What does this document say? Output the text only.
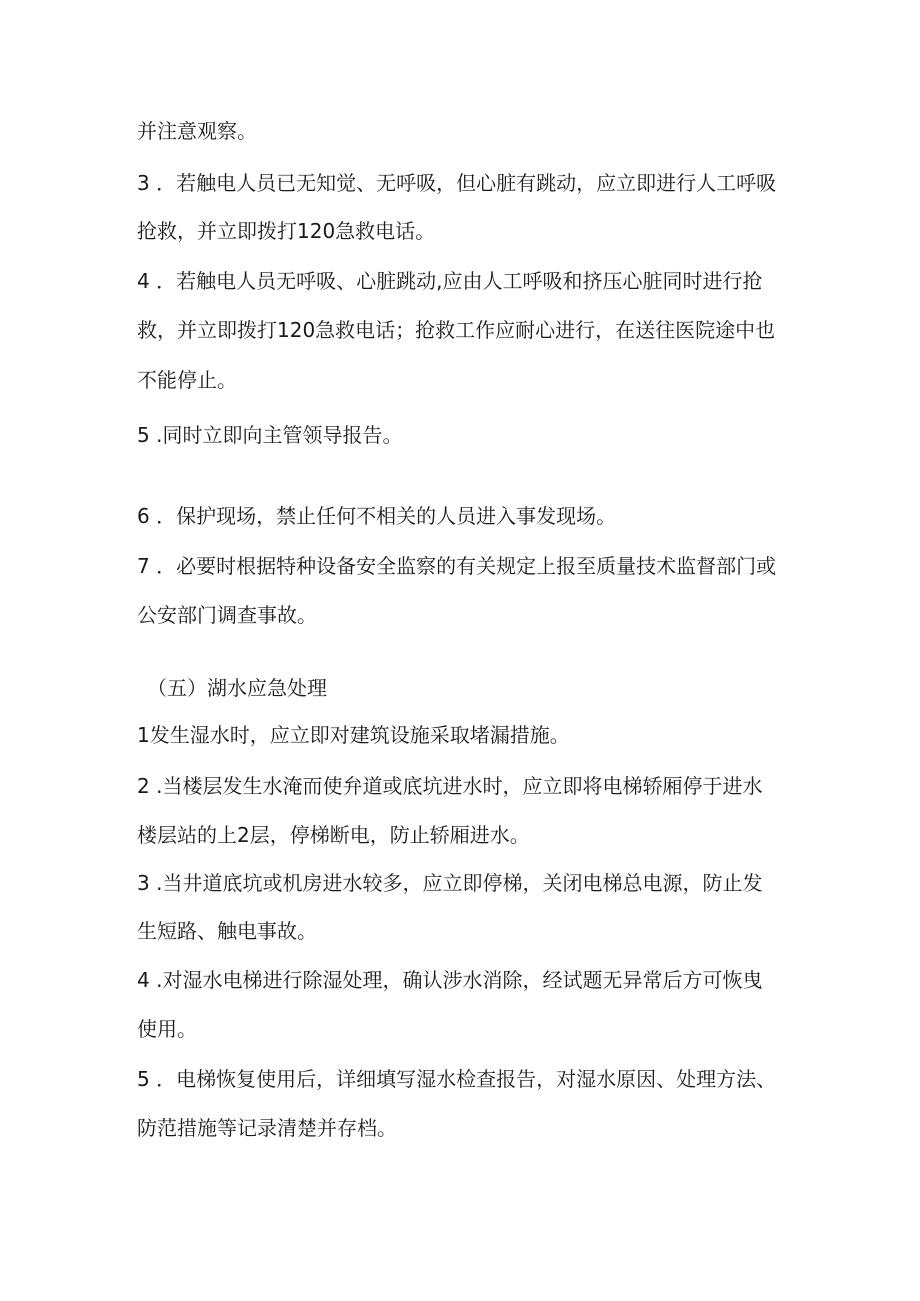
并注意观察。
3 ．若触电人员已无知觉、无呼吸，但心脏有跳动，应立即进行人工呼吸
抢救，并立即拨打120急救电话。
4 ．若触电人员无呼吸、心脏跳动,应由人工呼吸和挤压心脏同时进行抢
救，并立即拨打120急救电话；抢救工作应耐心进行，在送往医院途中也
不能停止。
5 .同时立即向主管领导报告。
6 ．保护现场，禁止任何不相关的人员进入事发现场。
7 ．必要时根据特种设备安全监察的有关规定上报至质量技术监督部门或
公安部门调查事故。
（五）湖水应急处理
1发生湿水时，应立即对建筑设施采取堵漏措施。
2 .当楼层发生水淹而使弁道或底坑进水时，应立即将电梯轿厢停于进水
楼层站的上2层，停梯断电，防止轿厢进水。
3 .当井道底坑或机房进水较多，应立即停梯，关闭电梯总电源，防止发
生短路、触电事故。
4 .对湿水电梯进行除湿处理，确认涉水消除，经试题无异常后方可恢曳
使用。
5 ．电梯恢复使用后，详细填写湿水检查报告，对湿水原因、处理方法、
防范措施等记录清楚并存档。
